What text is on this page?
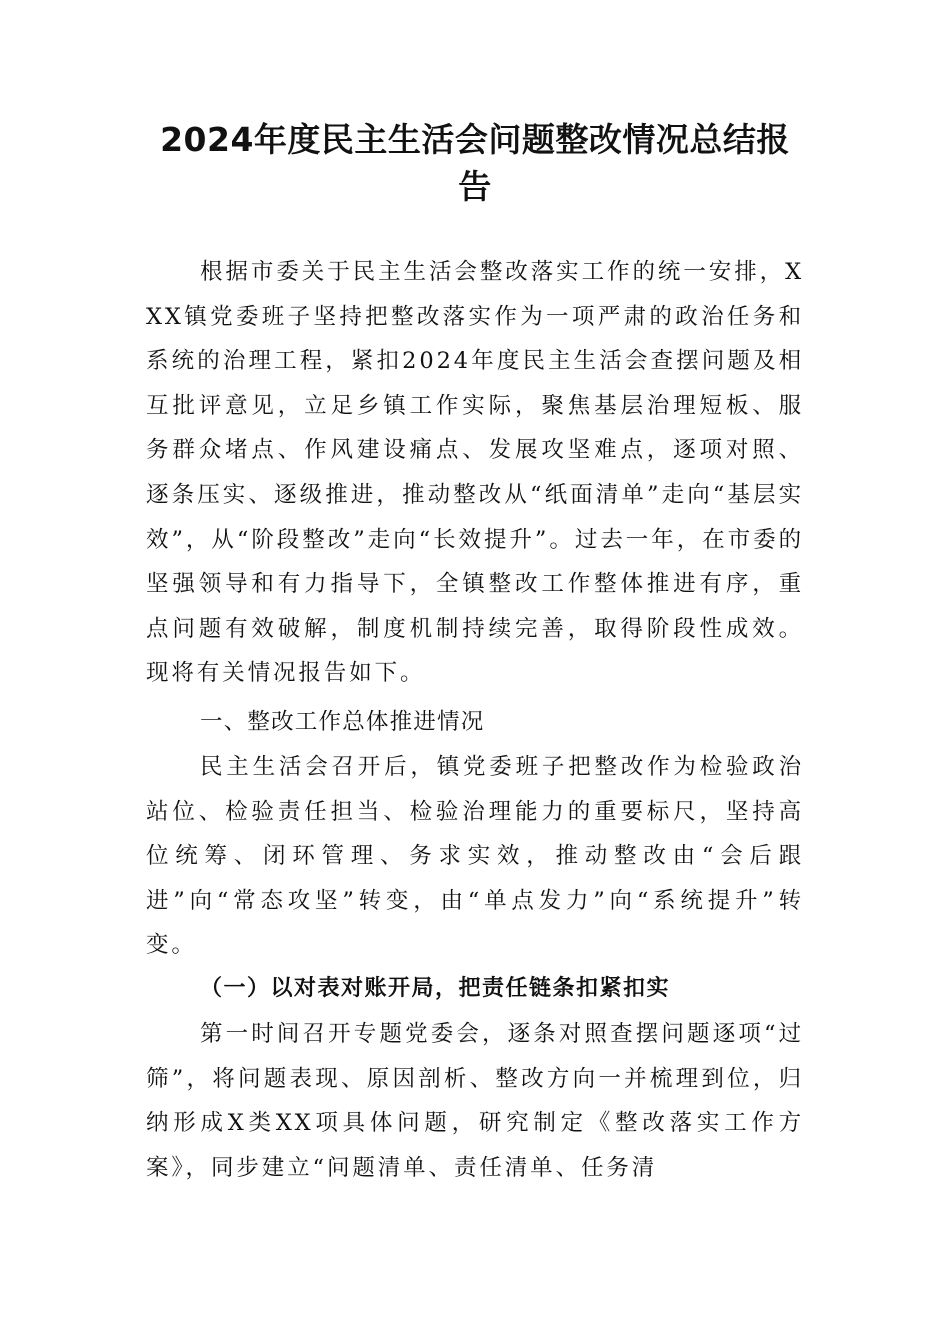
2024年度民主生活会问题整改情况总结报告

根据市委关于民主生活会整改落实工作的统一安排，XXX镇党委班子坚持把整改落实作为一项严肃的政治任务和系统的治理工程，紧扣2024年度民主生活会查摆问题及相互批评意见，立足乡镇工作实际，聚焦基层治理短板、服务群众堵点、作风建设痛点、发展攻坚难点，逐项对照、逐条压实、逐级推进，推动整改从“纸面清单”走向“基层实效”，从“阶段整改”走向“长效提升”。过去一年，在市委的坚强领导和有力指导下，全镇整改工作整体推进有序，重点问题有效破解，制度机制持续完善，取得阶段性成效。现将有关情况报告如下。

一、整改工作总体推进情况

民主生活会召开后，镇党委班子把整改作为检验政治站位、检验责任担当、检验治理能力的重要标尺，坚持高位统筹、闭环管理、务求实效，推动整改由“会后跟进”向“常态攻坚”转变，由“单点发力”向“系统提升”转变。

（一）以对表对账开局，把责任链条扣紧扣实

第一时间召开专题党委会，逐条对照查摆问题逐项“过筛”，将问题表现、原因剖析、整改方向一并梳理到位，归纳形成X类XX项具体问题，研究制定《整改落实工作方案》，同步建立“问题清单、责任清单、任务清
